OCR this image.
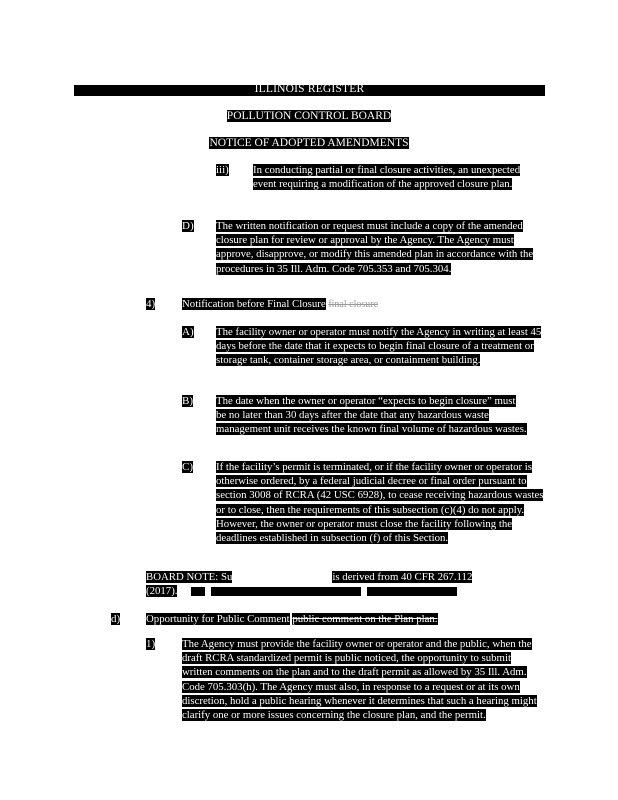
ILLINOIS REGISTER
POLLUTION CONTROL BOARD
NOTICE OF ADOPTED AMENDMENTS
iii) In conducting partial or final closure activities, an unexpected event requiring a modification of the approved closure plan.
D) The written notification or request must include a copy of the amended closure plan for review or approval by the Agency. The Agency must approve, disapprove, or modify this amended plan in accordance with the procedures in 35 Ill. Adm. Code 705.353 and 705.304.
4) Notification before Final Closure final closure
A) The facility owner or operator must notify the Agency in writing at least 45 days before the date that it expects to begin final closure of a treatment or storage tank, container storage area, or containment building.
B) The date when the owner or operator “expects to begin closure” must be no later than 30 days after the date that any hazardous waste management unit receives the known final volume of hazardous wastes.
C) If the facility’s permit is terminated, or if the facility owner or operator is otherwise ordered, by a federal judicial decree or final order pursuant to section 3008 of RCRA (42 USC 6928), to cease receiving hazardous wastes or to close, then the requirements of this subsection (c)(4) do not apply. However, the owner or operator must close the facility following the deadlines established in subsection (f) of this Section.
BOARD NOTE: Su	is derived from 40 CFR 267.112
(2017).
d) Opportunity for Public Comment public comment on the Plan plan.
1) The Agency must provide the facility owner or operator and the public, when the draft RCRA standardized permit is public noticed, the opportunity to submit written comments on the plan and to the draft permit as allowed by 35 Ill. Adm. Code 705.303(h). The Agency must also, in response to a request or at its own discretion, hold a public hearing whenever it determines that such a hearing might clarify one or more issues concerning the closure plan, and the permit.
